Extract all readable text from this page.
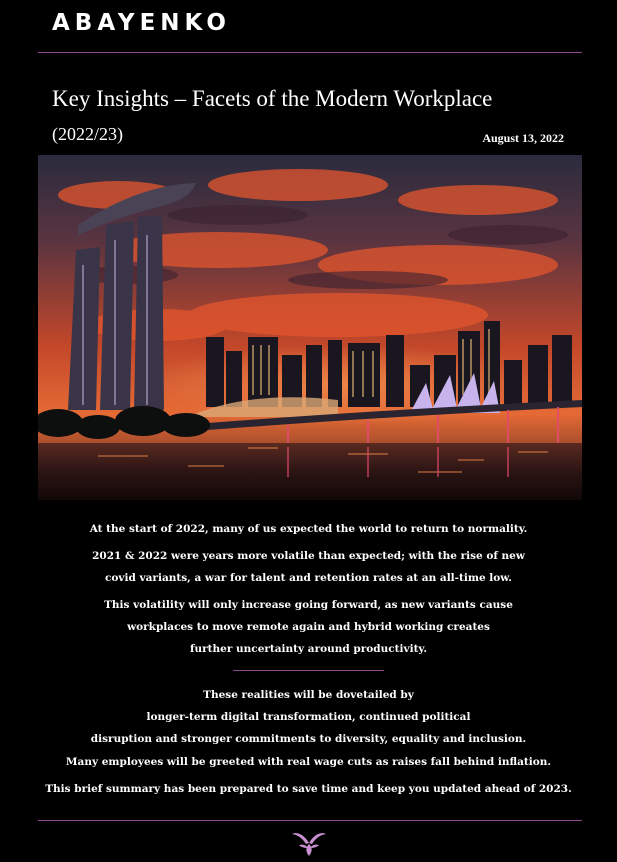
ABAYENKO
Key Insights – Facets of the Modern Workplace
(2022/23)	August 13, 2022
At the start of 2022, many of us expected the world to return to normality.
2021 & 2022 were years more volatile than expected; with the rise of new
covid variants, a war for talent and retention rates at an all-time low.
This volatility will only increase going forward, as new variants cause
workplaces to move remote again and hybrid working creates
further uncertainty around productivity.
These realities will be dovetailed by
longer-term digital transformation, continued political
disruption and stronger commitments to diversity, equality and inclusion.
Many employees will be greeted with real wage cuts as raises fall behind inflation.
This brief summary has been prepared to save time and keep you updated ahead of 2023.
